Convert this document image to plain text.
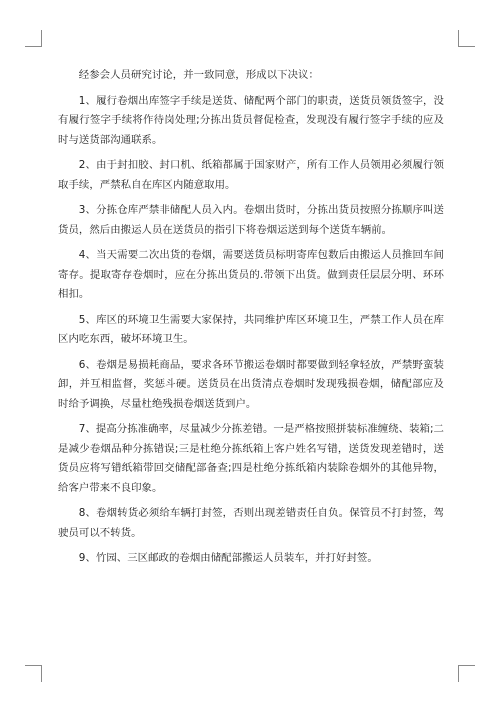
经参会人员研究讨论，并一致同意，形成以下决议：

1、履行卷烟出库签字手续是送货、储配两个部门的职责，送货员领货签字，没有履行签字手续将作待岗处理;分拣出货员督促检查，发现没有履行签字手续的应及时与送货部沟通联系。

2、由于封扣胶、封口机、纸箱都属于国家财产，所有工作人员领用必须履行领取手续，严禁私自在库区内随意取用。

3、分拣仓库严禁非储配人员入内。卷烟出货时，分拣出货员按照分拣顺序叫送货员，然后由搬运人员在送货员的指引下将卷烟运送到每个送货车辆前。

4、当天需要二次出货的卷烟，需要送货员标明寄库包数后由搬运人员推回车间寄存。提取寄存卷烟时，应在分拣出货员的.带领下出货。做到责任层层分明、环环相扣。

5、库区的环境卫生需要大家保持，共同维护库区环境卫生，严禁工作人员在库区内吃东西，破坏环境卫生。

6、卷烟是易损耗商品，要求各环节搬运卷烟时都要做到轻拿轻放，严禁野蛮装卸，并互相监督，奖惩斗硬。送货员在出货清点卷烟时发现残损卷烟，储配部应及时给予调换，尽量杜绝残损卷烟送货到户。

7、提高分拣准确率，尽量减少分拣差错。一是严格按照拼装标准缠绕、装箱;二是减少卷烟品种分拣错误;三是杜绝分拣纸箱上客户姓名写错，送货发现差错时，送货员应将写错纸箱带回交储配部备查;四是杜绝分拣纸箱内装除卷烟外的其他异物，给客户带来不良印象。

8、卷烟转货必须给车辆打封签，否则出现差错责任自负。保管员不打封签，驾驶员可以不转货。

9、竹园、三区邮政的卷烟由储配部搬运人员装车，并打好封签。
